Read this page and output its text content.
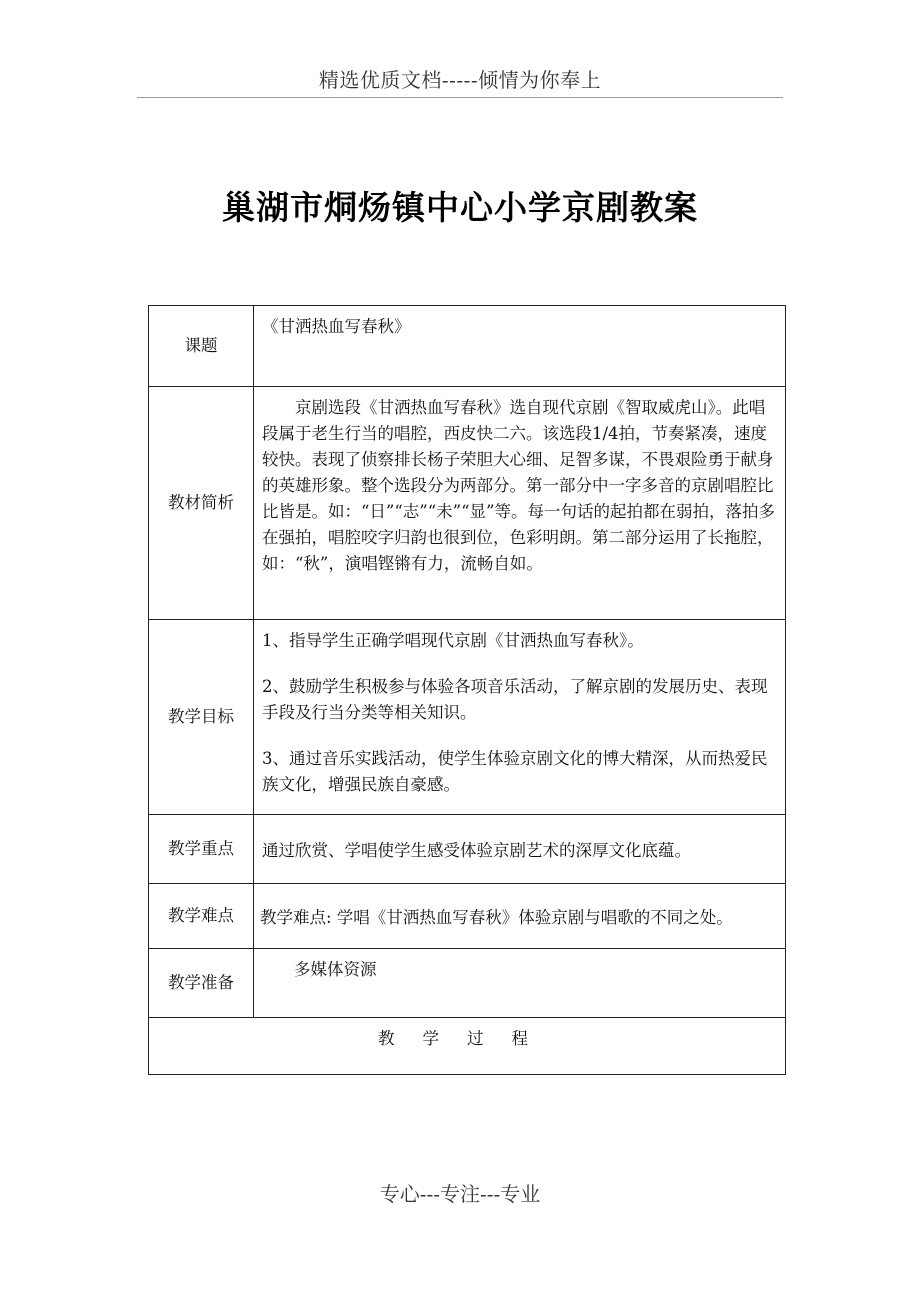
精选优质文档-----倾情为你奉上
巢湖市烔炀镇中心小学京剧教案
课题	《甘洒热血写春秋》
教材简析	京剧选段《甘洒热血写春秋》选自现代京剧《智取威虎山》。此唱段属于老生行当的唱腔，西皮快二六。该选段1/4拍，节奏紧凑，速度较快。表现了侦察排长杨子荣胆大心细、足智多谋，不畏艰险勇于献身的英雄形象。整个选段分为两部分。第一部分中一字多音的京剧唱腔比比皆是。如：“日”“志”“未”“显”等。每一句话的起拍都在弱拍，落拍多在强拍，唱腔咬字归韵也很到位，色彩明朗。第二部分运用了长拖腔，如：“秋”，演唱铿锵有力，流畅自如。

教学目标	1、指导学生正确学唱现代京剧《甘洒热血写春秋》。

2、鼓励学生积极参与体验各项音乐活动，了解京剧的发展历史、表现手段及行当分类等相关知识。

3、通过音乐实践活动，使学生体验京剧文化的博大精深，从而热爱民族文化，增强民族自豪感。

教学重点	通过欣赏、学唱使学生感受体验京剧艺术的深厚文化底蕴。
教学难点	教学难点: 学唱《甘洒热血写春秋》体验京剧与唱歌的不同之处。
教学准备	多媒体资源
教学过程	
专心---专注---专业
